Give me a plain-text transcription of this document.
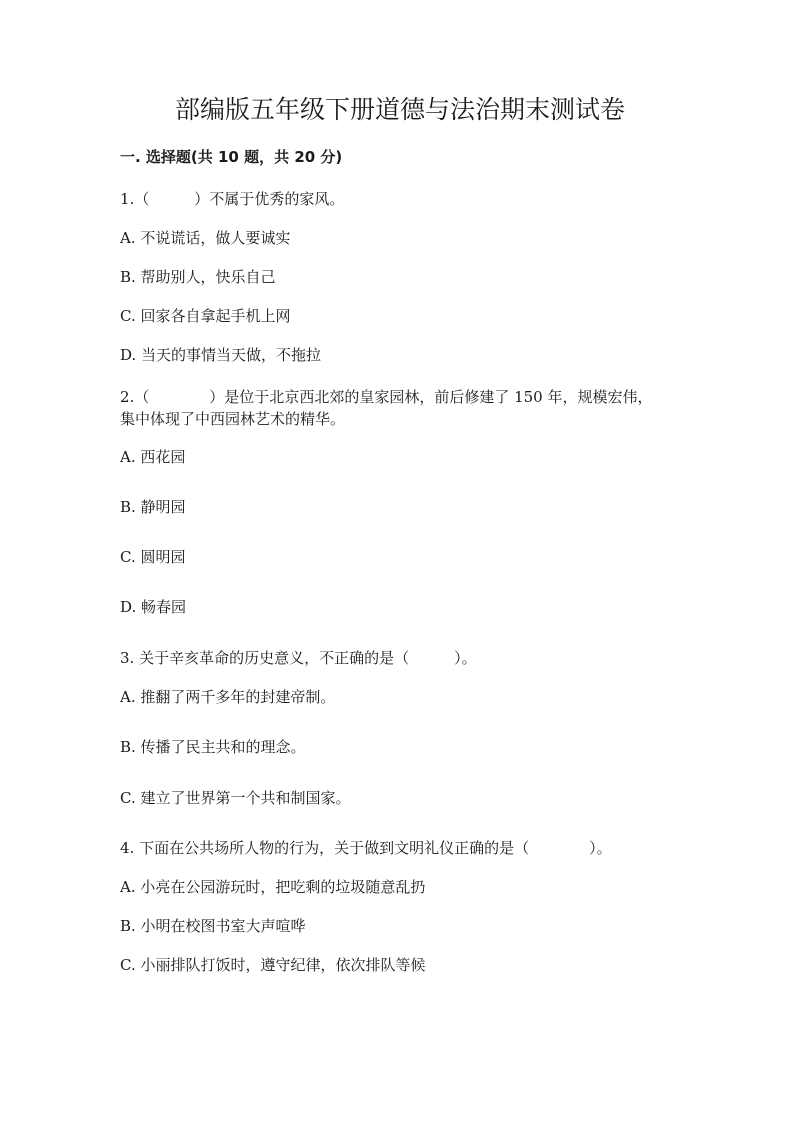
部编版五年级下册道德与法治期末测试卷
一. 选择题(共 10 题，共 20 分)
1.（　　　）不属于优秀的家风。
A. 不说谎话，做人要诚实
B. 帮助别人，快乐自己
C. 回家各自拿起手机上网
D. 当天的事情当天做，不拖拉
2.（　　　　）是位于北京西北郊的皇家园林，前后修建了 150 年，规模宏伟，
集中体现了中西园林艺术的精华。
A. 西花园
B. 静明园
C. 圆明园
D. 畅春园
3. 关于辛亥革命的历史意义，不正确的是（　　　）。
A. 推翻了两千多年的封建帝制。
B. 传播了民主共和的理念。
C. 建立了世界第一个共和制国家。
4. 下面在公共场所人物的行为，关于做到文明礼仪正确的是（　　　　）。
A. 小亮在公园游玩时，把吃剩的垃圾随意乱扔
B. 小明在校图书室大声喧哗
C. 小丽排队打饭时，遵守纪律，依次排队等候
